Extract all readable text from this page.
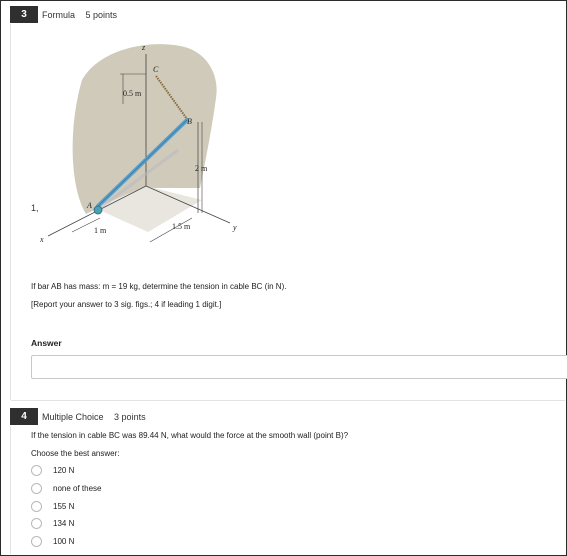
3	Formula 5 points
1,
z
C
B
A
x
y
0.5 m
2 m
1 m	1.5 m
If bar AB has mass: m = 19 kg, determine the tension in cable BC (in N).
[Report your answer to 3 sig. figs.; 4 if leading 1 digit.]
Answer
4	Multiple Choice 3 points
If the tension in cable BC was 89.44 N, what would the force at the smooth wall (point B)?
Choose the best answer:
120 N
none of these
155 N
134 N
100 N
